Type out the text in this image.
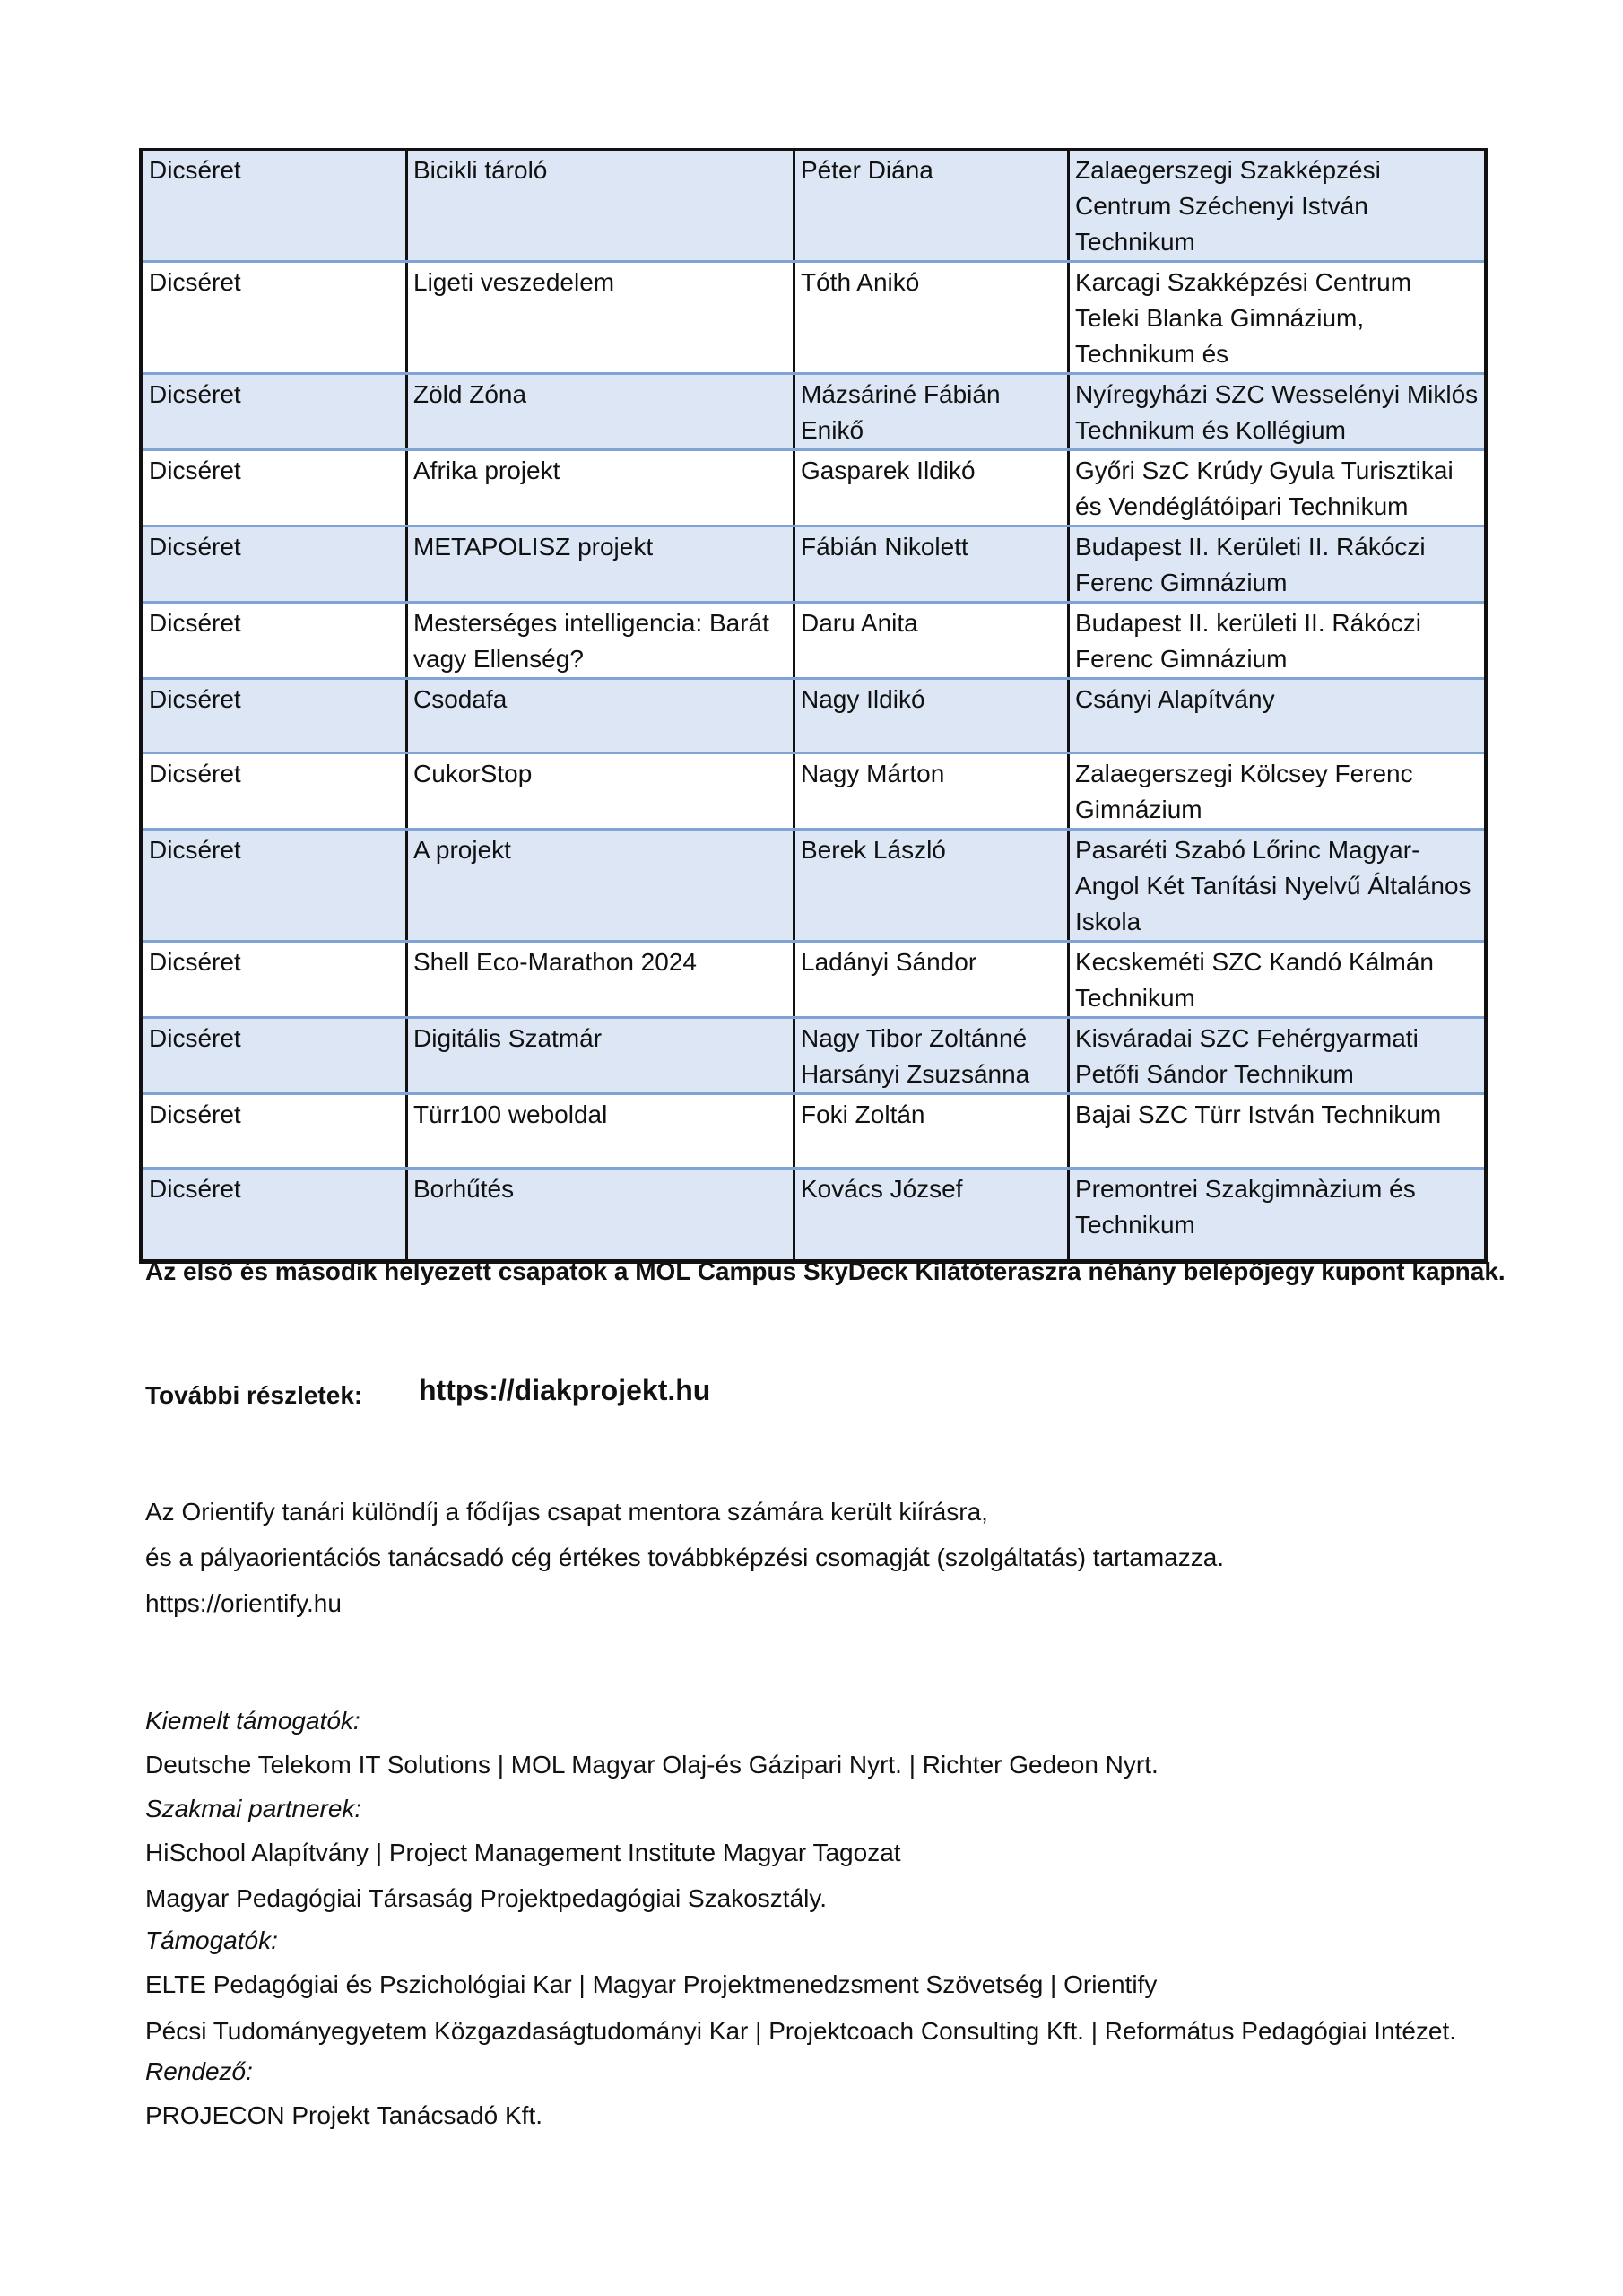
Dicséret	Bicikli tároló	Péter Diána	Zalaegerszegi Szakképzési Centrum Széchenyi István Technikum
Dicséret	Ligeti veszedelem	Tóth Anikó	Karcagi Szakképzési Centrum Teleki Blanka Gimnázium, Technikum és
Dicséret	Zöld Zóna	Mázsáriné Fábián Enikő	Nyíregyházi SZC Wesselényi Miklós Technikum és Kollégium
Dicséret	Afrika projekt	Gasparek Ildikó	Győri SzC Krúdy Gyula Turisztikai és Vendéglátóipari Technikum
Dicséret	METAPOLISZ projekt	Fábián Nikolett	Budapest II. Kerületi II. Rákóczi Ferenc Gimnázium
Dicséret	Mesterséges intelligencia: Barát vagy Ellenség?	Daru Anita	Budapest II. kerületi II. Rákóczi Ferenc Gimnázium
Dicséret	Csodafa	Nagy Ildikó	Csányi Alapítvány
Dicséret	CukorStop	Nagy Márton	Zalaegerszegi Kölcsey Ferenc Gimnázium
Dicséret	A projekt	Berek László	Pasaréti Szabó Lőrinc Magyar-Angol Két Tanítási Nyelvű Általános Iskola
Dicséret	Shell Eco-Marathon 2024	Ladányi Sándor	Kecskeméti SZC Kandó Kálmán Technikum
Dicséret	Digitális Szatmár	Nagy Tibor Zoltánné Harsányi Zsuzsánna	Kisváradai SZC Fehérgyarmati Petőfi Sándor Technikum
Dicséret	Türr100 weboldal	Foki Zoltán	Bajai SZC Türr István Technikum
Dicséret	Borhűtés	Kovács József	Premontrei Szakgimnàzium és Technikum
Az első és második helyezett csapatok a MOL Campus SkyDeck Kilátóteraszra néhány belépőjegy kupont kapnak.
További részletek: https://diakprojekt.hu
Az Orientify tanári különdíj a fődíjas csapat mentora számára került kiírásra,
és a pályaorientációs tanácsadó cég értékes továbbképzési csomagját (szolgáltatás) tartamazza.
https://orientify.hu
Kiemelt támogatók:
Deutsche Telekom IT Solutions | MOL Magyar Olaj-és Gázipari Nyrt. | Richter Gedeon Nyrt.
Szakmai partnerek:
HiSchool Alapítvány | Project Management Institute Magyar Tagozat
Magyar Pedagógiai Társaság Projektpedagógiai Szakosztály.
Támogatók:
ELTE Pedagógiai és Pszichológiai Kar | Magyar Projektmenedzsment Szövetség | Orientify
Pécsi Tudományegyetem Közgazdaságtudományi Kar | Projektcoach Consulting Kft. | Református Pedagógiai Intézet.
Rendező:
PROJECON Projekt Tanácsadó Kft.
